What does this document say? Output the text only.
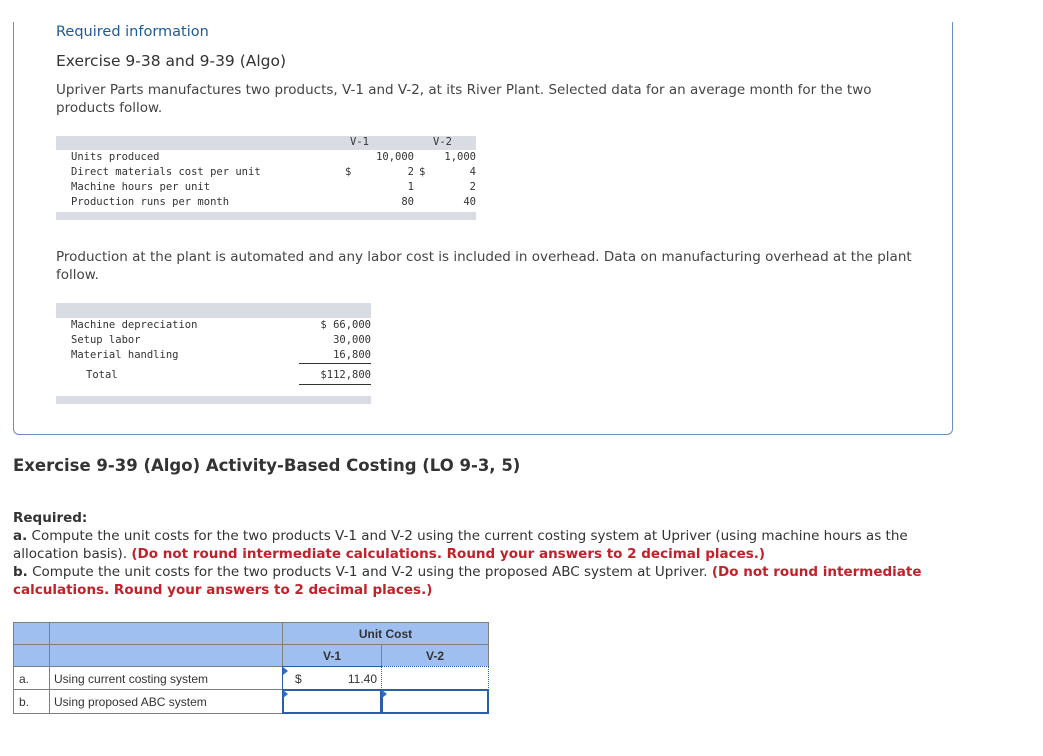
Required information
Exercise 9-38 and 9-39 (Algo)
Upriver Parts manufactures two products, V-1 and V-2, at its River Plant. Selected data for an average month for the two products follow.
V-1	V-2
Units produced	10,000	1,000
Direct materials cost per unit	$	2 $	4
Machine hours per unit	1	2
Production runs per month	80	40
Production at the plant is automated and any labor cost is included in overhead. Data on manufacturing overhead at the plant follow.
Machine depreciation	$ 66,000
Setup labor	30,000
Material handling	16,800
Total	$112,800
Exercise 9-39 (Algo) Activity-Based Costing (LO 9-3, 5)
Required:
a. Compute the unit costs for the two products V-1 and V-2 using the current costing system at Upriver (using machine hours as the allocation basis). (Do not round intermediate calculations. Round your answers to 2 decimal places.)
b. Compute the unit costs for the two products V-1 and V-2 using the proposed ABC system at Upriver. (Do not round intermediate calculations. Round your answers to 2 decimal places.)
Unit Cost
V-1	V-2
a. Using current costing system	$	11.40
b. Using proposed ABC system
